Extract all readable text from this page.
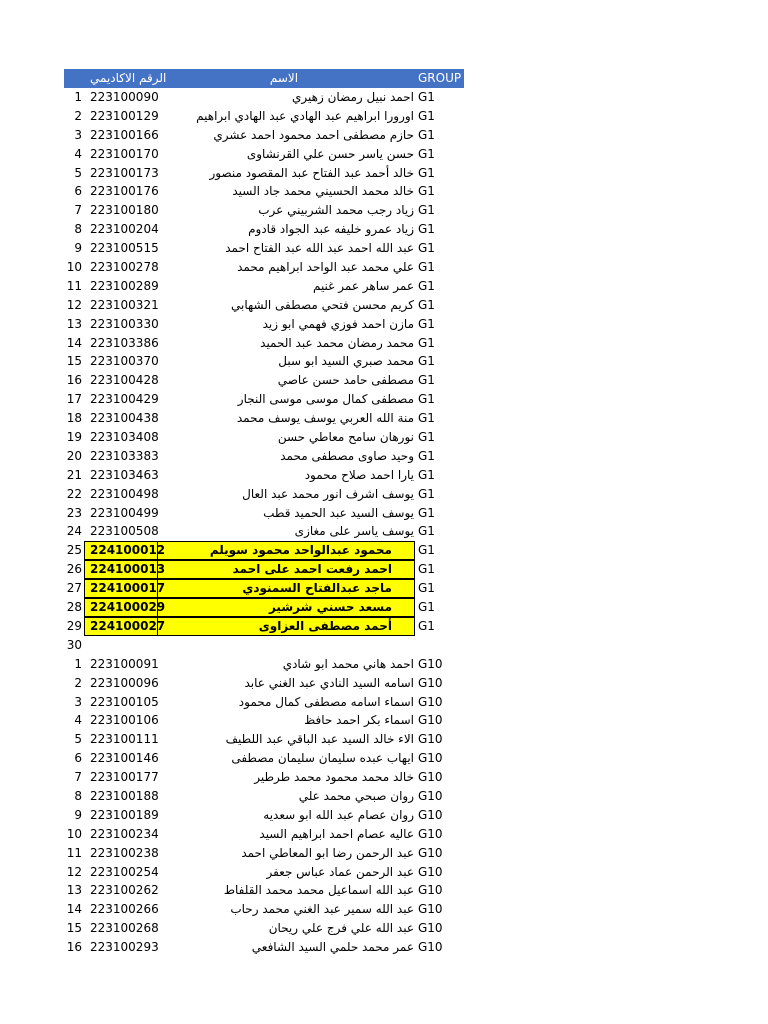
الرقم الاكاديمي	الاسم	GROUP
1 223100090	احمد نبيل رمضان زهيري G1
2 223100129	اورورا ابراهيم عبد الهادي عبد الهادي ابراهيم G1
3 223100166	حازم مصطفى احمد محمود احمد عشري G1
4 223100170	حسن ياسر حسن علي القرنشاوى G1
5 223100173	خالد أحمد عبد الفتاح عبد المقصود منصور G1
6 223100176	خالد محمد الحسيني محمد جاد السيد G1
7 223100180	زياد رجب محمد الشربيني عرب G1
8 223100204	زياد عمرو خليفه عبد الجواد قادوم G1
9 223100515	عبد الله احمد عبد الله عبد الفتاح احمد G1
10 223100278	علي محمد عبد الواحد ابراهيم محمد G1
11 223100289	عمر ساهر عمر غنيم G1
12 223100321	كريم محسن فتحي مصطفى الشهابي G1
13 223100330	مازن احمد فوزي فهمي ابو زيد G1
14 223103386	محمد رمضان محمد عبد الحميد G1
15 223100370	محمد صبري السيد ابو سبل G1
16 223100428	مصطفى حامد حسن عاصي G1
17 223100429	مصطفى كمال موسى موسى النجار G1
18 223100438	منة الله العربي يوسف يوسف محمد G1
19 223103408	نورهان سامح معاطي حسن G1
20 223103383	وحيد صاوى مصطفى محمد G1
21 223103463	يارا احمد صلاح محمود G1
22 223100498	يوسف اشرف انور محمد عبد العال G1
23 223100499	يوسف السيد عبد الحميد قطب G1
24 223100508	يوسف ياسر على مغازى G1
25 224100012	محمود عبدالواحد محمود سويلم G1
26 224100013	احمد رفعت احمد على احمد G1
27 224100017	ماجد عبدالفتاح السمنودي G1
28 224100029	مسعد حسني شرشير G1
29 224100027	أحمد مصطفى العزاوى G1
30
1 223100091	احمد هاني محمد ابو شادي G10
2 223100096	اسامه السيد النادي عبد الغني عابد G10
3 223100105	اسماء اسامه مصطفى كمال محمود G10
4 223100106	اسماء بكر احمد حافظ G10
5 223100111	الاء خالد السيد عبد الباقي عبد اللطيف G10
6 223100146	ايهاب عبده سليمان سليمان مصطفى G10
7 223100177	خالد محمد محمود محمد طرطير G10
8 223100188	روان صبحي محمد علي G10
9 223100189	روان عصام عبد الله ابو سعديه G10
10 223100234	عاليه عصام احمد ابراهيم السيد G10
11 223100238	عبد الرحمن رضا ابو المعاطي احمد G10
12 223100254	عبد الرحمن عماد عباس جعفر G10
13 223100262	عبد الله اسماعيل محمد محمد القلفاط G10
14 223100266	عبد الله سمير عبد الغني محمد رحاب G10
15 223100268	عبد الله علي فرج علي ريحان G10
16 223100293	عمر محمد حلمي السيد الشافعي G10
